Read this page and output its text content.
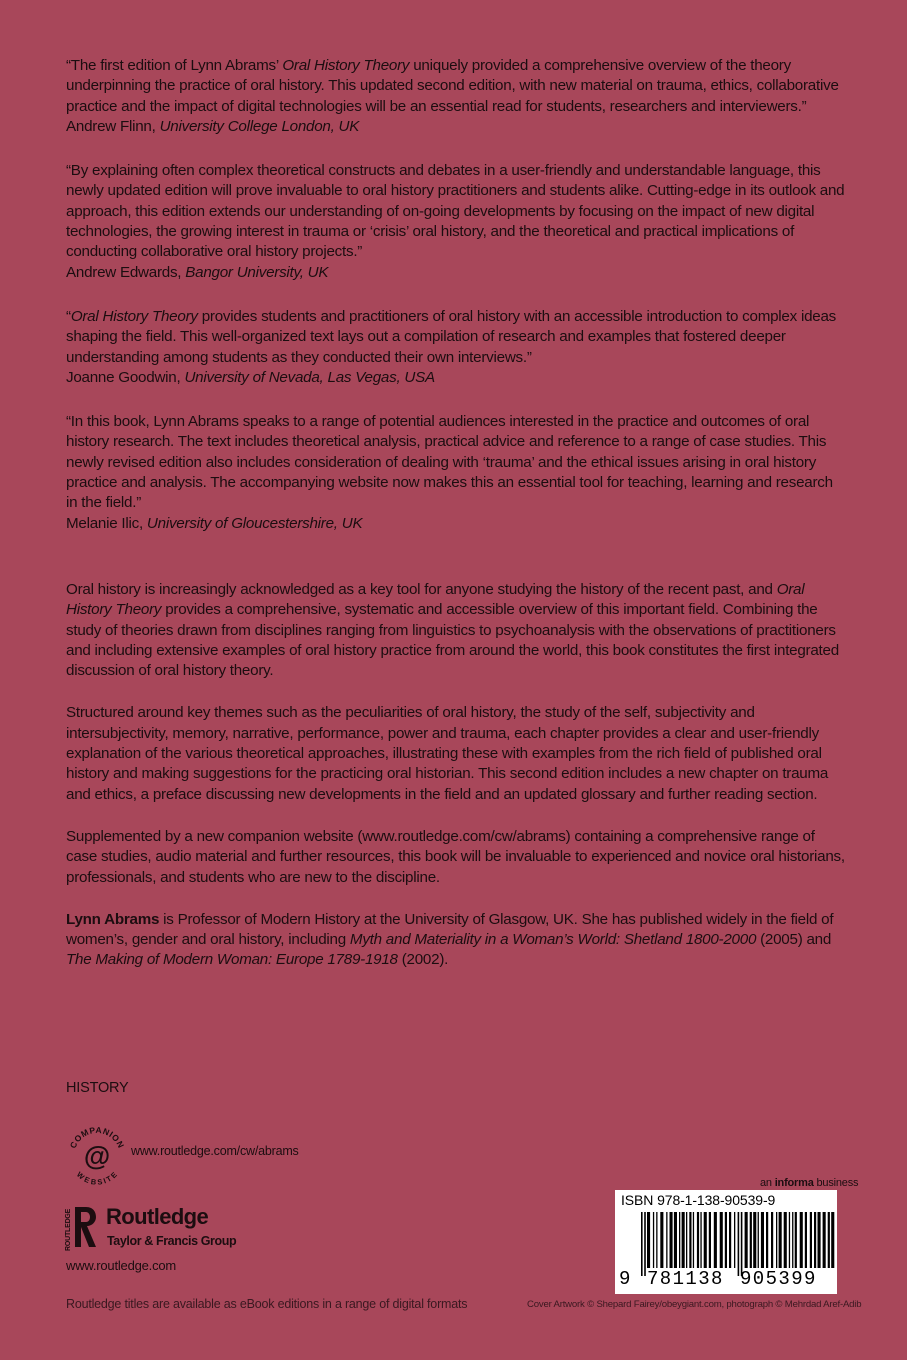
“The first edition of Lynn Abrams’ Oral History Theory uniquely provided a comprehensive overview of the theory underpinning the practice of oral history. This updated second edition, with new material on trauma, ethics, collaborative practice and the impact of digital technologies will be an essential read for students, researchers and interviewers.”

Andrew Flinn, University College London, UK

“By explaining often complex theoretical constructs and debates in a user-friendly and understandable language, this newly updated edition will prove invaluable to oral history practitioners and students alike. Cutting-edge in its outlook and approach, this edition extends our understanding of on-going developments by focusing on the impact of new digital technologies, the growing interest in trauma or ‘crisis’ oral history, and the theoretical and practical implications of conducting collaborative oral history projects.”

Andrew Edwards, Bangor University, UK

“Oral History Theory provides students and practitioners of oral history with an accessible introduction to complex ideas shaping the field. This well-organized text lays out a compilation of research and examples that fostered deeper understanding among students as they conducted their own interviews.”

Joanne Goodwin, University of Nevada, Las Vegas, USA

“In this book, Lynn Abrams speaks to a range of potential audiences interested in the practice and outcomes of oral history research. The text includes theoretical analysis, practical advice and reference to a range of case studies. This newly revised edition also includes consideration of dealing with ‘trauma’ and the ethical issues arising in oral history practice and analysis. The accompanying website now makes this an essential tool for teaching, learning and research in the field.”

Melanie Ilic, University of Gloucestershire, UK

Oral history is increasingly acknowledged as a key tool for anyone studying the history of the recent past, and Oral History Theory provides a comprehensive, systematic and accessible overview of this important field. Combining the study of theories drawn from disciplines ranging from linguistics to psychoanalysis with the observations of practitioners and including extensive examples of oral history practice from around the world, this book constitutes the first integrated discussion of oral history theory.

Structured around key themes such as the peculiarities of oral history, the study of the self, subjectivity and intersubjectivity, memory, narrative, performance, power and trauma, each chapter provides a clear and user-friendly explanation of the various theoretical approaches, illustrating these with examples from the rich field of published oral history and making suggestions for the practicing oral historian. This second edition includes a new chapter on trauma and ethics, a preface discussing new developments in the field and an updated glossary and further reading section.

Supplemented by a new companion website (www.routledge.com/cw/abrams) containing a comprehensive range of case studies, audio material and further resources, this book will be invaluable to experienced and novice oral historians, professionals, and students who are new to the discipline.

Lynn Abrams is Professor of Modern History at the University of Glasgow, UK. She has published widely in the field of women’s, gender and oral history, including Myth and Materiality in a Woman’s World: Shetland 1800-2000 (2005) and The Making of Modern Woman: Europe 1789-1918 (2002).

HISTORY
COMPANION
WEBSITE
@ www.routledge.com/cw/abrams
ROUTLEDGE Routledge
Taylor & Francis Group
www.routledge.com
Routledge titles are available as eBook editions in a range of digital formats
an informa business
ISBN 978-1-138-90539-9
9 781138 905399
Cover Artwork © Shepard Fairey/obeygiant.com, photograph © Mehrdad Aref-Adib
